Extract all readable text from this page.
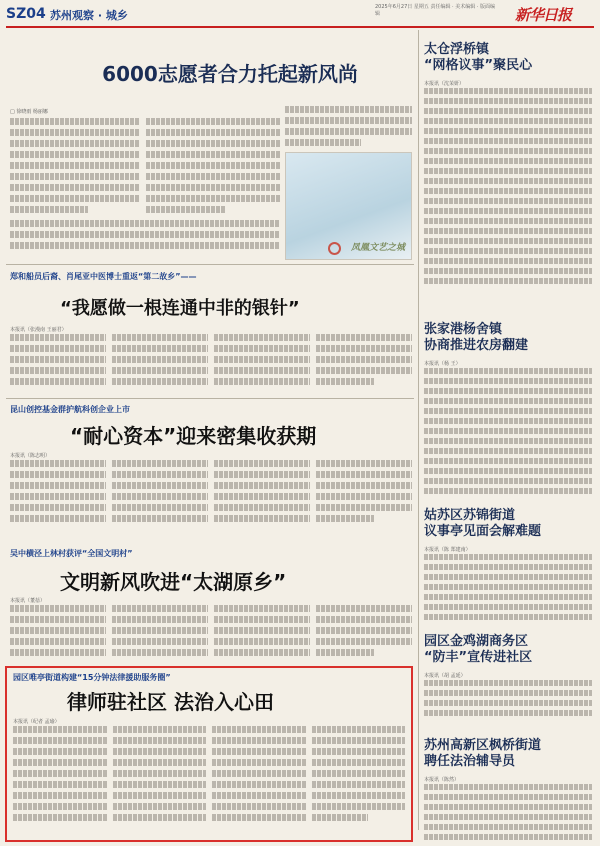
SZ04 苏州观察 · 城乡
2025年6月27日 星期五 责任编辑 · 美术编辑 · 版面编辑	新华日报
6000志愿者合力托起新风尚
□ 徐晓雨 杨丽娜
凤凰文艺之城
郑和船员后裔、肖尾亚中医博士重返“第二故乡”——
“我愿做一根连通中非的银针”
本报讯（张漫南 王丽君）
昆山创控基金群护航科创企业上市
“耐心资本”迎来密集收获期
本报讯（陈志明）
吴中横泾上林村获评“全国文明村”
文明新风吹进“太湖原乡”
本报讯（董蓓）
园区唯亭街道构建“15分钟法律援助服务圈”
律师驻社区 法治入心田
本报讯（纪者 孟瑜）
太仓浮桥镇
“网格议事”聚民心
本报讯（沈茉妍）
张家港杨舍镇
协商推进农房翻建
本报讯（杨 王）
姑苏区苏锦街道
议事亭见面会解难题
本报讯（陈 郑建南）
园区金鸡湖商务区
“防丰”宣传进社区
本报讯（胡 孟延）
苏州高新区枫桥街道
聘任法治辅导员
本报讯（陈然）
